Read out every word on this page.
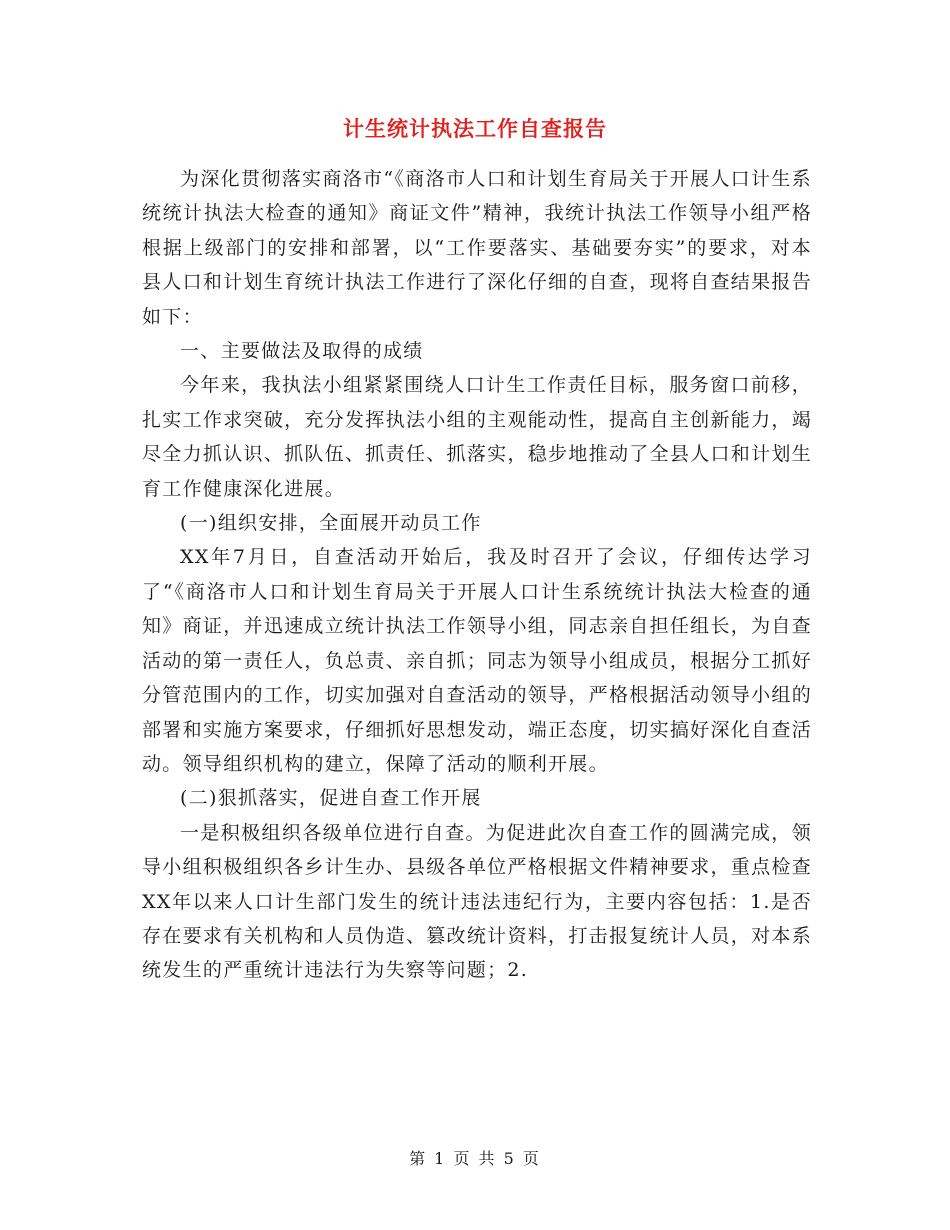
计生统计执法工作自查报告

为深化贯彻落实商洛市“《商洛市人口和计划生育局关于开展人口计生系统统计执法大检查的通知》商证文件”精神，我统计执法工作领导小组严格根据上级部门的安排和部署，以“工作要落实、基础要夯实”的要求，对本县人口和计划生育统计执法工作进行了深化仔细的自查，现将自查结果报告如下：

一、主要做法及取得的成绩

今年来，我执法小组紧紧围绕人口计生工作责任目标，服务窗口前移，扎实工作求突破，充分发挥执法小组的主观能动性，提高自主创新能力，竭尽全力抓认识、抓队伍、抓责任、抓落实，稳步地推动了全县人口和计划生育工作健康深化进展。

(一)组织安排，全面展开动员工作

XX年7月日，自查活动开始后，我及时召开了会议，仔细传达学习了“《商洛市人口和计划生育局关于开展人口计生系统统计执法大检查的通知》商证，并迅速成立统计执法工作领导小组，同志亲自担任组长，为自查活动的第一责任人，负总责、亲自抓；同志为领导小组成员，根据分工抓好分管范围内的工作，切实加强对自查活动的领导，严格根据活动领导小组的部署和实施方案要求，仔细抓好思想发动，端正态度，切实搞好深化自查活动。领导组织机构的建立，保障了活动的顺利开展。

(二)狠抓落实，促进自查工作开展

一是积极组织各级单位进行自查。为促进此次自查工作的圆满完成，领导小组积极组织各乡计生办、县级各单位严格根据文件精神要求，重点检查XX年以来人口计生部门发生的统计违法违纪行为，主要内容包括：1.是否存在要求有关机构和人员伪造、篡改统计资料，打击报复统计人员，对本系统发生的严重统计违法行为失察等问题；2.

第 1 页 共 5 页
